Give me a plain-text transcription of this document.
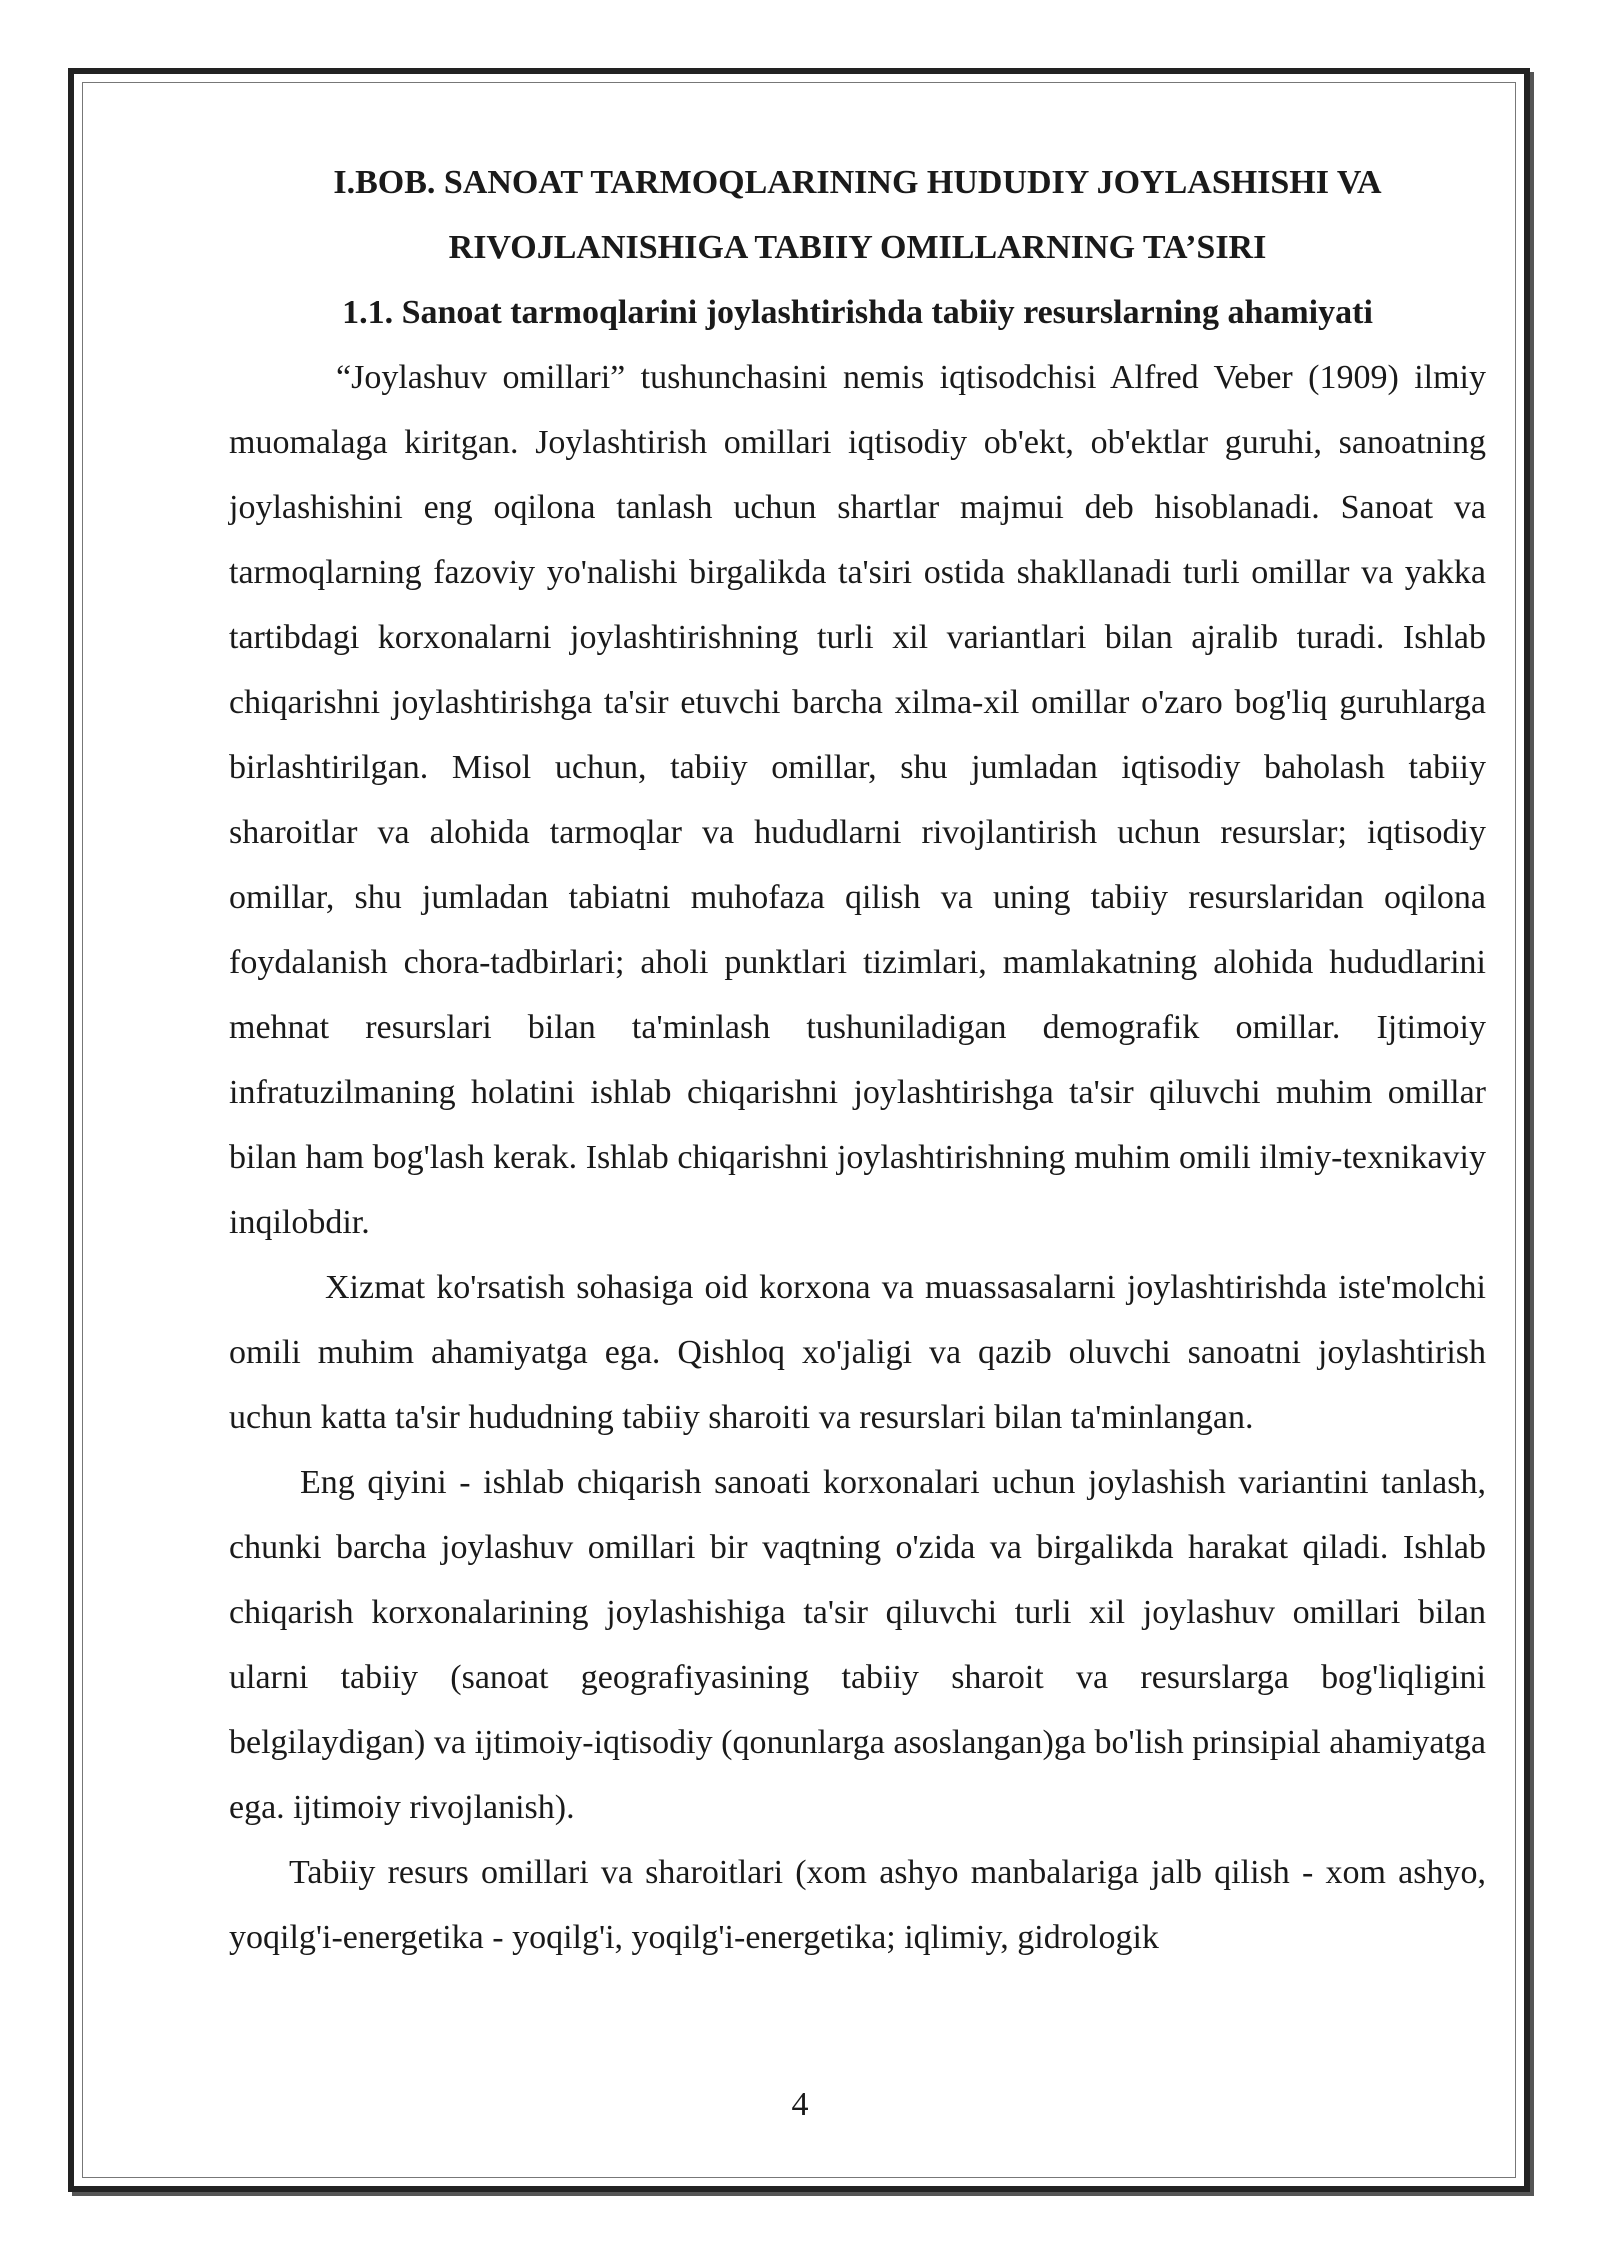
I.BOB. SANOAT TARMOQLARINING HUDUDIY JOYLASHISHI VA

RIVOJLANISHIGA TABIIY OMILLARNING TA’SIRI

1.1. Sanoat tarmoqlarini joylashtirishda tabiiy resurslarning ahamiyati

“Joylashuv omillari” tushunchasini nemis iqtisodchisi Alfred Veber (1909) ilmiy muomalaga kiritgan. Joylashtirish omillari iqtisodiy ob'ekt, ob'ektlar guruhi, sanoatning joylashishini eng oqilona tanlash uchun shartlar majmui deb hisoblanadi. Sanoat va tarmoqlarning fazoviy yo'nalishi birgalikda ta'siri ostida shakllanadi turli omillar va yakka tartibdagi korxonalarni joylashtirishning turli xil variantlari bilan ajralib turadi. Ishlab chiqarishni joylashtirishga ta'sir etuvchi barcha xilma-xil omillar o'zaro bog'liq guruhlarga birlashtirilgan. Misol uchun, tabiiy omillar, shu jumladan iqtisodiy baholash tabiiy sharoitlar va alohida tarmoqlar va hududlarni rivojlantirish uchun resurslar; iqtisodiy omillar, shu jumladan tabiatni muhofaza qilish va uning tabiiy resurslaridan oqilona foydalanish chora-tadbirlari; aholi punktlari tizimlari, mamlakatning alohida hududlarini mehnat resurslari bilan ta'minlash tushuniladigan demografik omillar. Ijtimoiy infratuzilmaning holatini ishlab chiqarishni joylashtirishga ta'sir qiluvchi muhim omillar bilan ham bog'lash kerak. Ishlab chiqarishni joylashtirishning muhim omili ilmiy-texnikaviy inqilobdir.

Xizmat ko'rsatish sohasiga oid korxona va muassasalarni joylashtirishda iste'molchi omili muhim ahamiyatga ega. Qishloq xo'jaligi va qazib oluvchi sanoatni joylashtirish uchun katta ta'sir hududning tabiiy sharoiti va resurslari bilan ta'minlangan.

Eng qiyini - ishlab chiqarish sanoati korxonalari uchun joylashish variantini tanlash, chunki barcha joylashuv omillari bir vaqtning o'zida va birgalikda harakat qiladi. Ishlab chiqarish korxonalarining joylashishiga ta'sir qiluvchi turli xil joylashuv omillari bilan ularni tabiiy (sanoat geografiyasining tabiiy sharoit va resurslarga bog'liqligini belgilaydigan) va ijtimoiy-iqtisodiy (qonunlarga asoslangan)ga bo'lish prinsipial ahamiyatga ega. ijtimoiy rivojlanish).

Tabiiy resurs omillari va sharoitlari (xom ashyo manbalariga jalb qilish - xom ashyo, yoqilg'i-energetika - yoqilg'i, yoqilg'i-energetika; iqlimiy, gidrologik

4
